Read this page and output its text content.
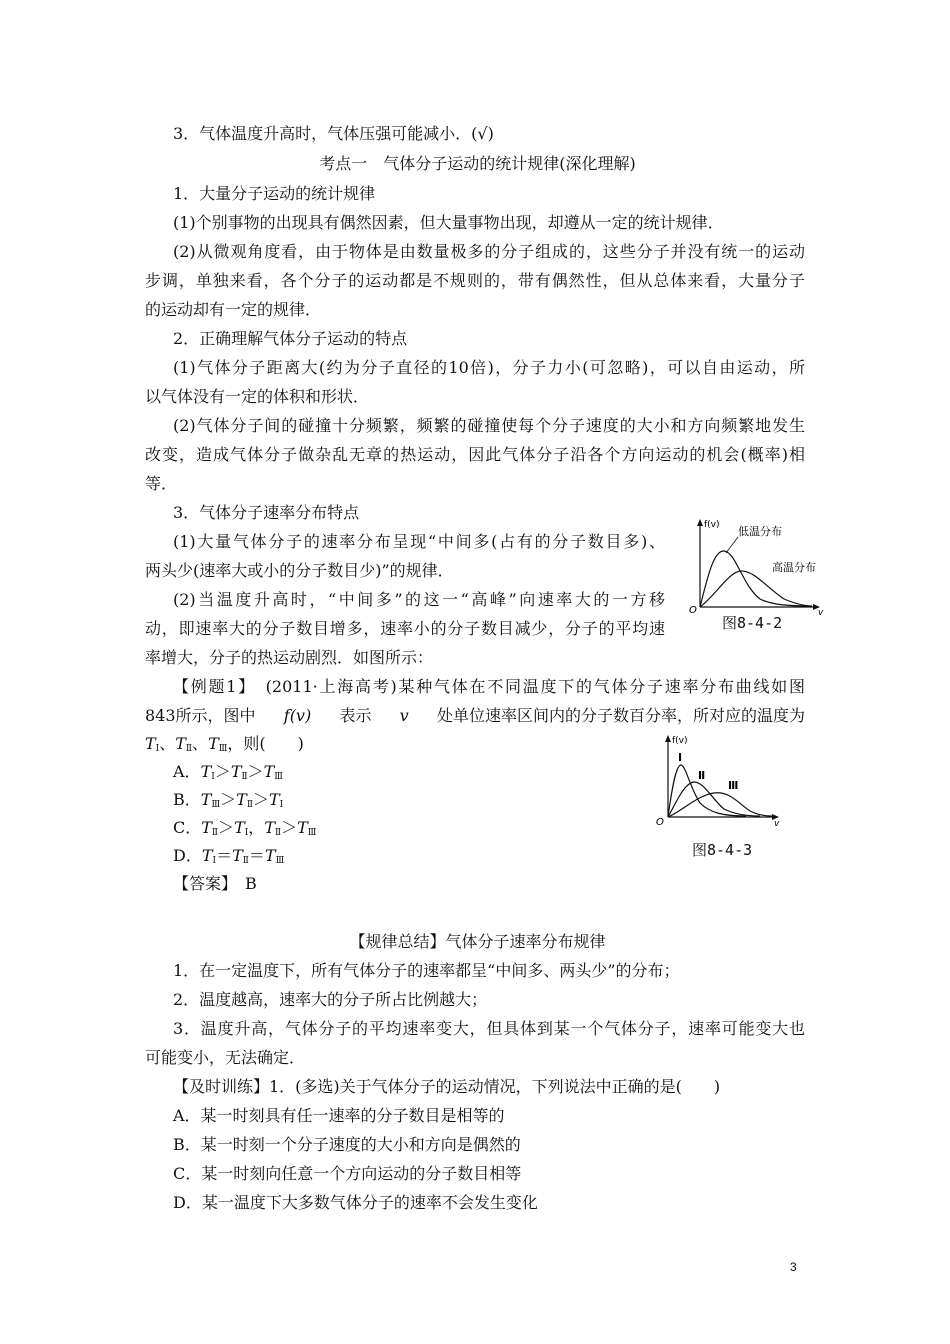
3．气体温度升高时，气体压强可能减小．(√)
考点一　气体分子运动的统计规律(深化理解)
1．大量分子运动的统计规律
(1)个别事物的出现具有偶然因素，但大量事物出现，却遵从一定的统计规律．
(2)从微观角度看，由于物体是由数量极多的分子组成的，这些分子并没有统一的运动
步调，单独来看，各个分子的运动都是不规则的，带有偶然性，但从总体来看，大量分子
的运动却有一定的规律．
2．正确理解气体分子运动的特点
(1)气体分子距离大(约为分子直径的10倍)，分子力小(可忽略)，可以自由运动，所
以气体没有一定的体积和形状．
(2)气体分子间的碰撞十分频繁，频繁的碰撞使每个分子速度的大小和方向频繁地发生
改变，造成气体分子做杂乱无章的热运动，因此气体分子沿各个方向运动的机会(概率)相
等．
3．气体分子速率分布特点
(1)大量气体分子的速率分布呈现“中间多(占有的分子数目多)、
两头少(速率大或小的分子数目少)”的规律．
(2)当温度升高时，“中间多”的这一“高峰”向速率大的一方移
动，即速率大的分子数目增多，速率小的分子数目减少，分子的平均速
率增大，分子的热运动剧烈．如图所示：
f(v) 低温分布
高温分布
O	v
图8-4-2
【例题1】　(2011·上海高考)某种气体在不同温度下的气体分子速率分布曲线如图
843所示，图中 f(v) 表示 v 处单位速率区间内的分子数百分率，所对应的温度为
$T_Ⅰ$、$T_Ⅱ$、$T_Ⅲ$，则(　　)
A．$T_Ⅰ>T_Ⅱ>T_Ⅲ$
B．$T_Ⅲ>T_Ⅱ>T_Ⅰ$
C．$T_Ⅱ>T_Ⅰ$，$T_Ⅱ>T_Ⅲ$
D．$T_Ⅰ=T_Ⅱ=T_Ⅲ$
【答案】　B
f(v)
Ⅰ
Ⅱ
Ⅲ
O	v
图8-4-3
【规律总结】气体分子速率分布规律
1．在一定温度下，所有气体分子的速率都呈“中间多、两头少”的分布；
2．温度越高，速率大的分子所占比例越大；
3．温度升高，气体分子的平均速率变大，但具体到某一个气体分子，速率可能变大也
可能变小，无法确定．
【及时训练】1．(多选)关于气体分子的运动情况，下列说法中正确的是(　　)
A．某一时刻具有任一速率的分子数目是相等的
B．某一时刻一个分子速度的大小和方向是偶然的
C．某一时刻向任意一个方向运动的分子数目相等
D．某一温度下大多数气体分子的速率不会发生变化
3
